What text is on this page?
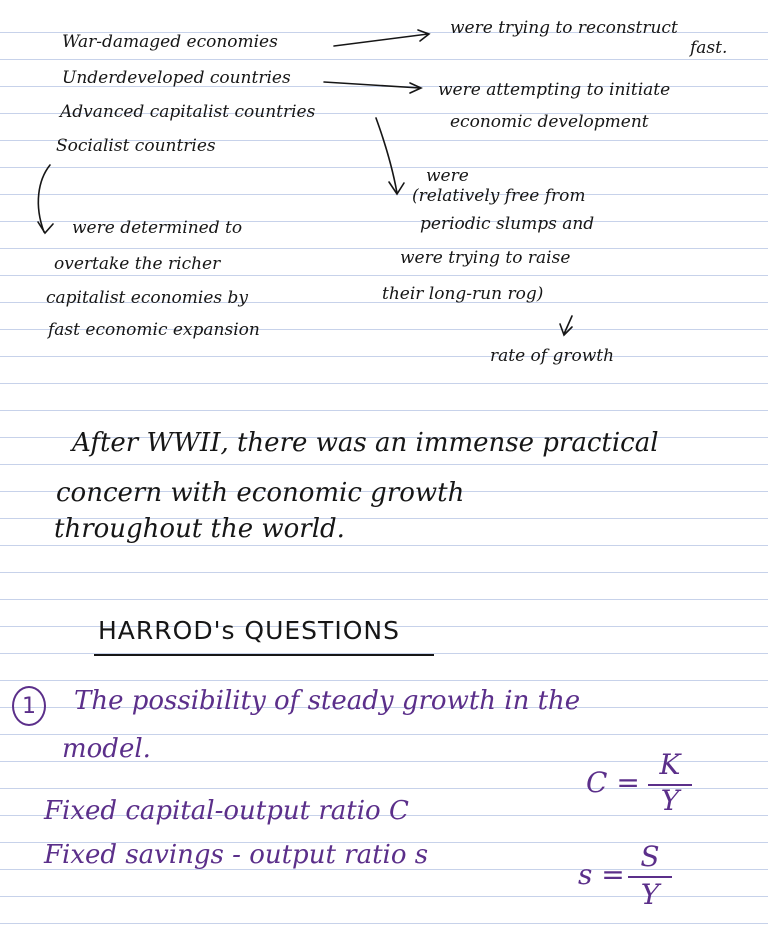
War-damaged economies
Underdeveloped countries
Advanced capitalist countries
Socialist countries
were trying to reconstruct
fast.
were attempting to initiate
economic development
were
(relatively free from
periodic slumps and
were trying to raise
their long-run rog)
rate of growth
were determined to
overtake the richer
capitalist economies by
fast economic expansion
After WWII, there was an immense practical
concern with economic growth
throughout the world.
HARROD's QUESTIONS
1	The possibility of steady growth in the
model.
Fixed capital-output ratio C
Fixed savings - output ratio s
C =
K
Y
s =
S
Y
